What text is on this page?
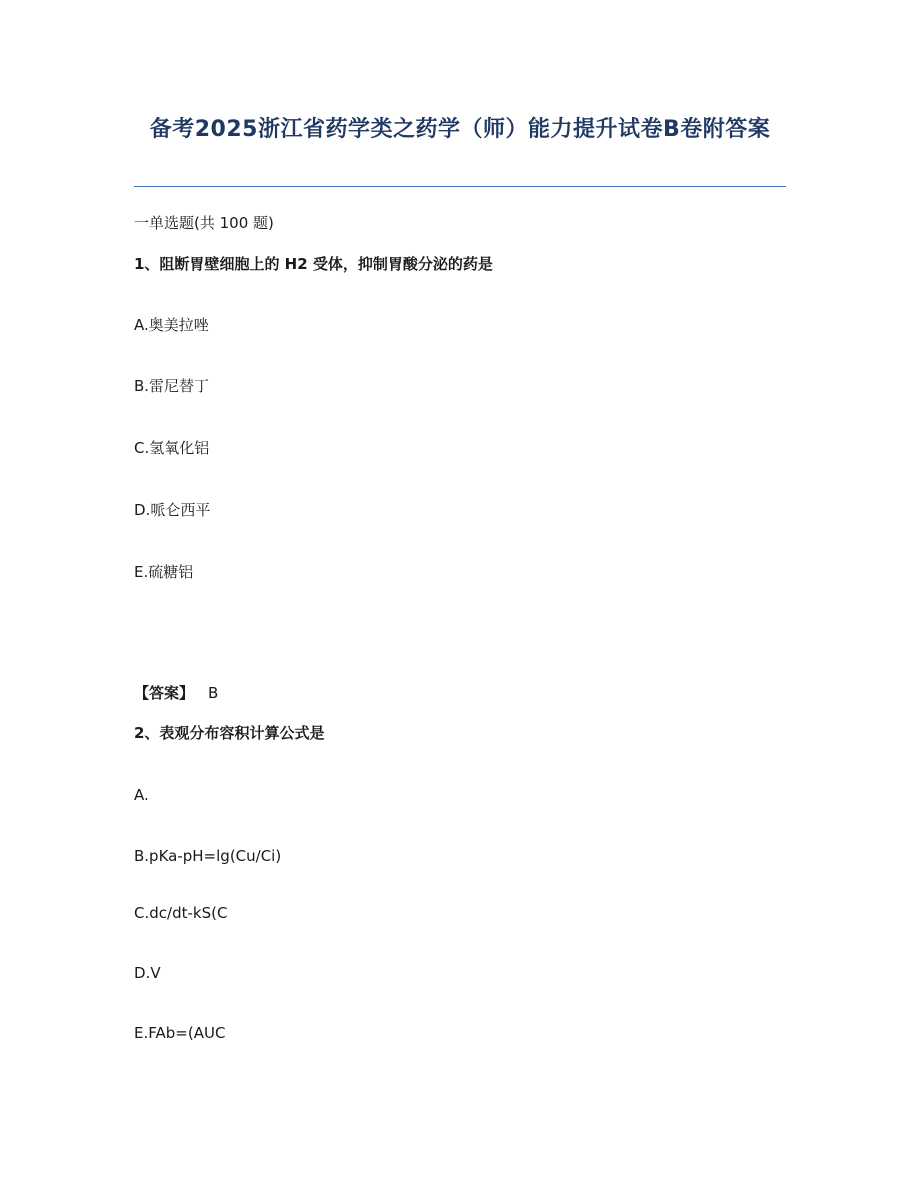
备考2025浙江省药学类之药学（师）能力提升试卷B卷附答案
一单选题(共 100 题)
1、阻断胃壁细胞上的 H2 受体，抑制胃酸分泌的药是
A.奥美拉唑
B.雷尼替丁
C.氢氧化铝
D.哌仑西平
E.硫糖铝
【答案】 B
2、表观分布容积计算公式是
A.
B.pKa-pH=lg(Cu/Ci)
C.dc/dt-kS(C
D.V
E.FAb=(AUC
